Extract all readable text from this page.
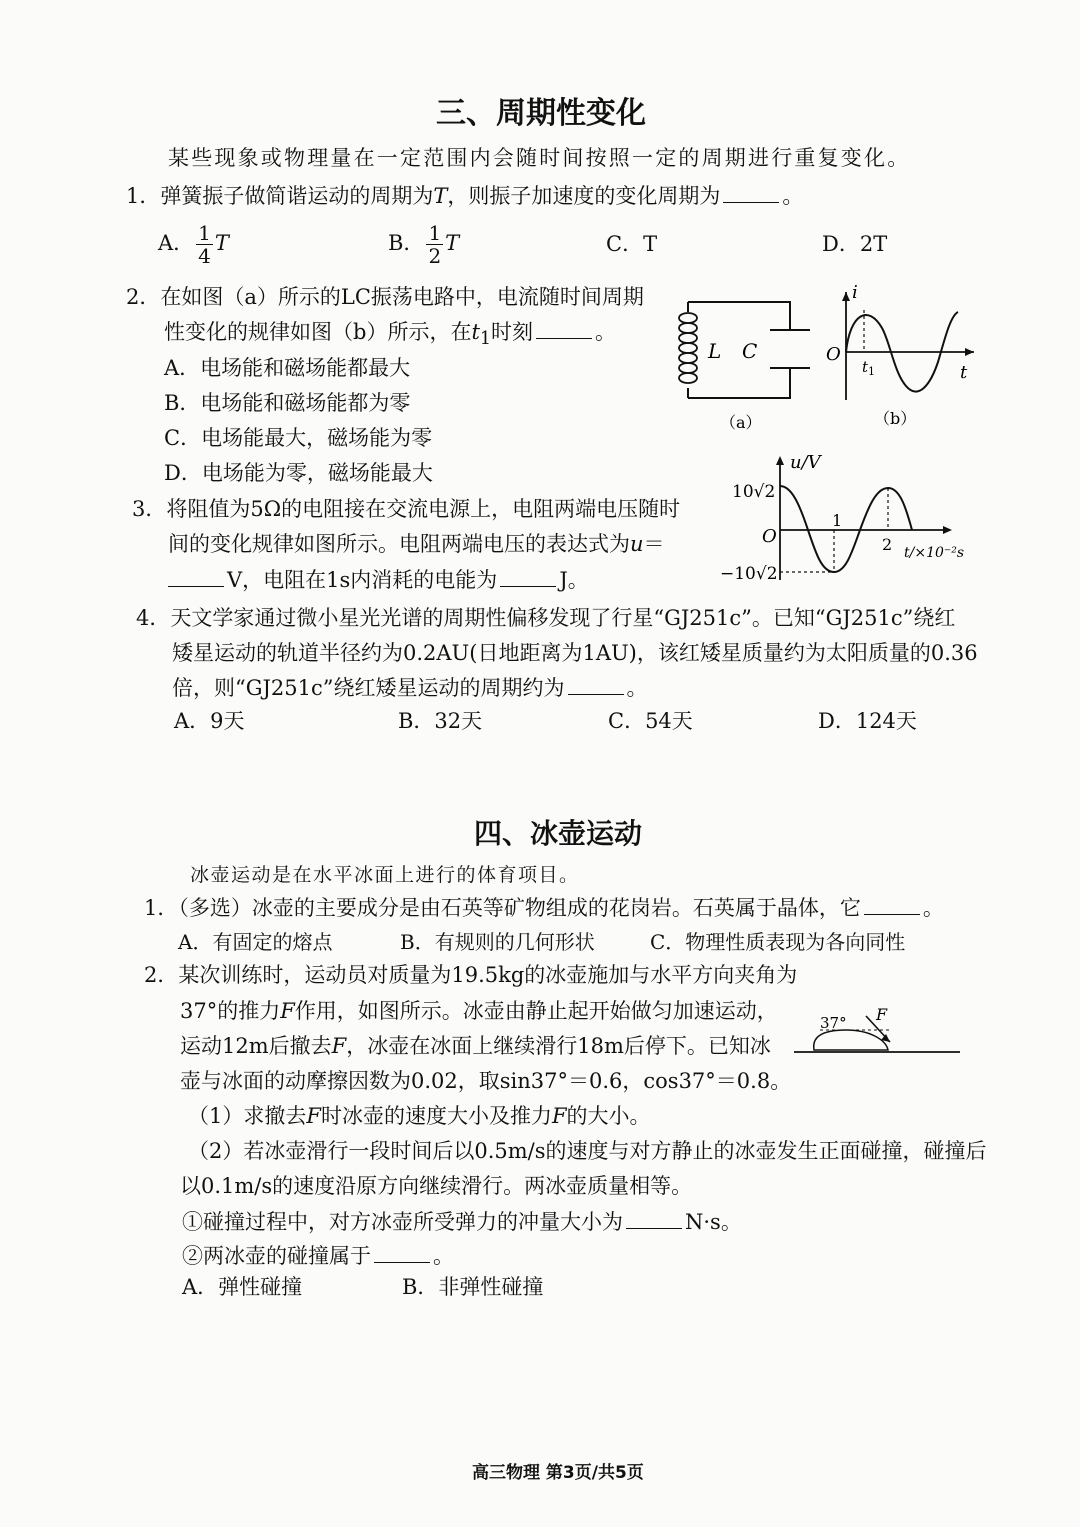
三、周期性变化
某些现象或物理量在一定范围内会随时间按照一定的周期进行重复变化。
1．弹簧振子做简谐运动的周期为T，则振子加速度的变化周期为	。
A． $\frac{1}{4}$ T	B． $\frac{1}{2}$ T	C．T	D．2T
2．在如图（a）所示的LC振荡电路中，电流随时间周期
性变化的规律如图（b）所示，在$t_1$时刻	。
A．电场能和磁场能都最大
B．电场能和磁场能都为零
C．电场能最大，磁场能为零
D．电场能为零，磁场能最大
L C
（a）
i
O
$t_1$	t
（b）
3．将阻值为5Ω的电阻接在交流电源上，电阻两端电压随时
间的变化规律如图所示。电阻两端电压的表达式为u＝
V，电阻在1s内消耗的电能为	J。
u/V
10√2
O
1
2 t/×10⁻²s
−10√2
4．天文学家通过微小星光光谱的周期性偏移发现了行星“GJ251c”。已知“GJ251c”绕红
矮星运动的轨道半径约为0.2AU(日地距离为1AU)，该红矮星质量约为太阳质量的0.36
倍，则“GJ251c”绕红矮星运动的周期约为	。
A．9天	B．32天	C．54天	D．124天
四、冰壶运动
冰壶运动是在水平冰面上进行的体育项目。
1．（多选）冰壶的主要成分是由石英等矿物组成的花岗岩。石英属于晶体，它	。
A．有固定的熔点	B．有规则的几何形状	C．物理性质表现为各向同性
2．某次训练时，运动员对质量为19.5kg的冰壶施加与水平方向夹角为
37°的推力F作用，如图所示。冰壶由静止起开始做匀加速运动，
运动12m后撤去F，冰壶在冰面上继续滑行18m后停下。已知冰
壶与冰面的动摩擦因数为0.02，取sin37°＝0.6，cos37°＝0.8。
37° F
（1）求撤去F时冰壶的速度大小及推力F的大小。
（2）若冰壶滑行一段时间后以0.5m/s的速度与对方静止的冰壶发生正面碰撞，碰撞后
以0.1m/s的速度沿原方向继续滑行。两冰壶质量相等。
①碰撞过程中，对方冰壶所受弹力的冲量大小为	N·s。
②两冰壶的碰撞属于	。
A．弹性碰撞	B．非弹性碰撞
高三物理 第3页/共5页
